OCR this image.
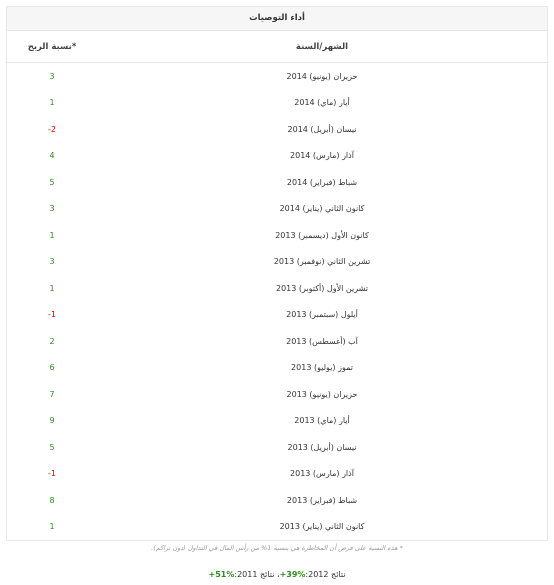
أداء التوصيات
الشهر/السنة
نسبة الربح*
حزيران (يونيو) 2014
3
أيار (ماي) 2014
1
نيسان (أبريل) 2014
-2
آذار (مارس) 2014
4
شباط (فبراير) 2014
5
كانون الثاني (يناير) 2014
3
كانون الأول (ديسمبر) 2013
1
تشرين الثاني (نوفمبر) 2013
3
تشرين الأول (أكتوبر) 2013
1
أيلول (سبتمبر) 2013
-1
آب (أغسطس) 2013
2
تموز (يوليو) 2013
6
حزيران (يونيو) 2013
7
أيار (ماي) 2013
9
نيسان (أبريل) 2013
5
آذار (مارس) 2013
-1
شباط (فبراير) 2013
8
كانون الثاني (يناير) 2013
1
* هذه النسبة على فرض أن المخاطرة هي بنسبة 1% من رأس المال في التداول (دون تراكم).
نتائج 2012:+39%، نتائج 2011:+51%
